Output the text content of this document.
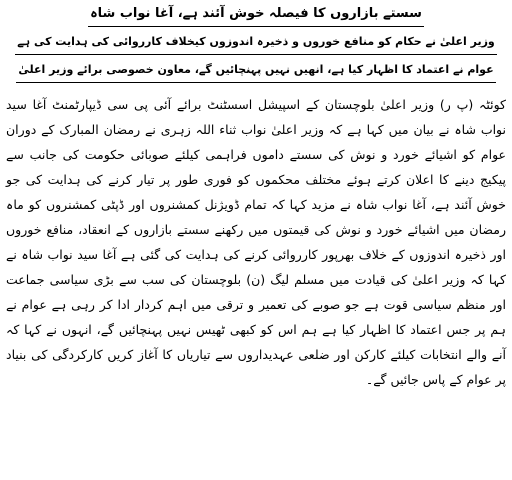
سستے بازاروں کا فیصلہ خوش آئند ہے، آغا نواب شاہ
وزیر اعلیٰ نے حکام کو منافع خوروں و ذخیرہ اندوزوں کیخلاف کارروائی کی ہدایت کی ہے
عوام نے اعتماد کا اظہار کیا ہے، انھیں نہیں پہنچائیں گے، معاون خصوصی برائے وزیر اعلیٰ
کوئٹہ (پ ر) وزیر اعلیٰ بلوچستان کے اسپیشل اسسٹنٹ برائے آئی پی سی ڈیپارٹمنٹ آغا سید نواب شاہ نے بیان میں کہا ہے کہ وزیر اعلیٰ نواب ثناء اللہ زہری نے رمضان المبارک کے دوران عوام کو اشیائے خورد و نوش کی سستے داموں فراہمی کیلئے صوبائی حکومت کی جانب سے پیکیج دینے کا اعلان کرتے ہوئے مختلف محکموں کو فوری طور پر تیار کرنے کی ہدایت کی جو خوش آئند ہے، آغا نواب شاہ نے مزید کہا کہ تمام ڈویژنل کمشنروں اور ڈپٹی کمشنروں کو ماہ رمضان میں اشیائے خورد و نوش کی قیمتوں میں رکھنے سستے بازاروں کے انعقاد، منافع خوروں اور ذخیرہ اندوزوں کے خلاف بھرپور کارروائی کرنے کی ہدایت کی گئی ہے آغا سید نواب شاہ نے کہا کہ وزیر اعلیٰ کی قیادت میں مسلم لیگ (ن) بلوچستان کی سب سے بڑی سیاسی جماعت اور منظم سیاسی قوت ہے جو صوبے کی تعمیر و ترقی میں اہم کردار ادا کر رہی ہے عوام نے ہم پر جس اعتماد کا اظہار کیا ہے ہم اس کو کبھی ٹھیس نہیں پہنچائیں گے، انہوں نے کہا کہ آنے والے انتخابات کیلئے کارکن اور ضلعی عہدیداروں سے تیاریاں کا آغاز کریں کارکردگی کی بنیاد پر عوام کے پاس جائیں گے۔
